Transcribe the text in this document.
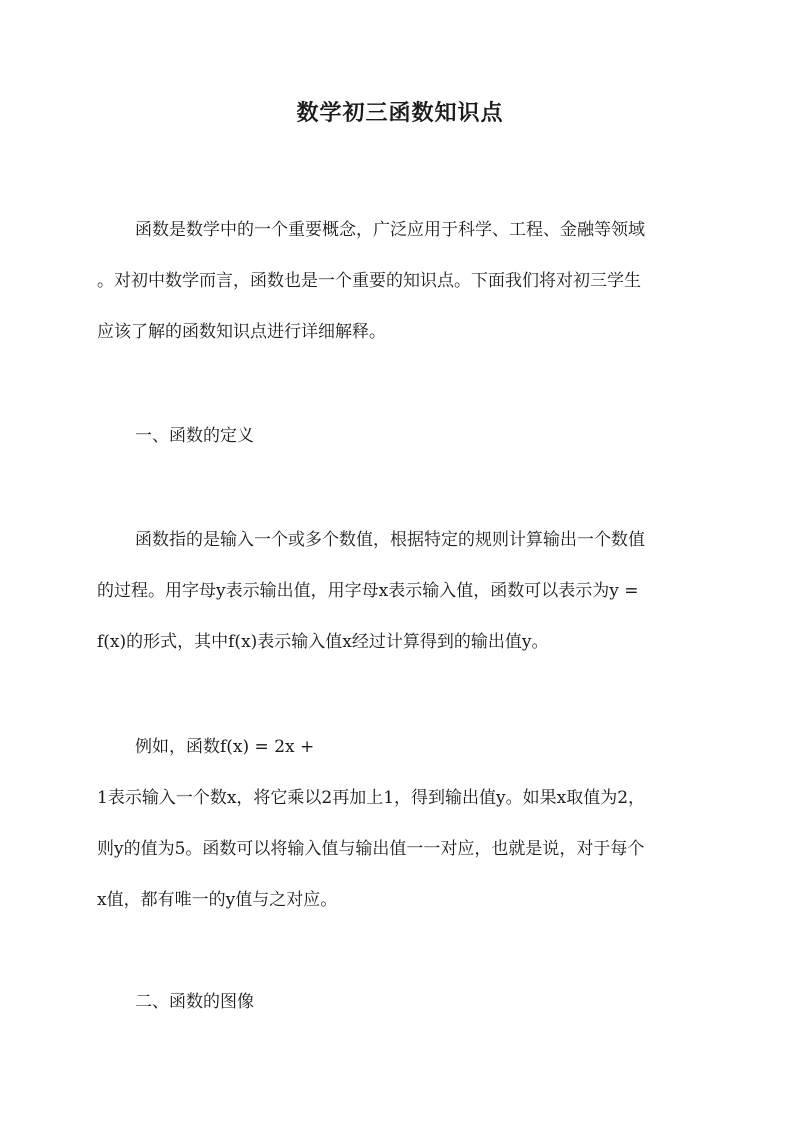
数学初三函数知识点
函数是数学中的一个重要概念，广泛应用于科学、工程、金融等领域
。对初中数学而言，函数也是一个重要的知识点。下面我们将对初三学生
应该了解的函数知识点进行详细解释。
一、函数的定义
函数指的是输入一个或多个数值，根据特定的规则计算输出一个数值
的过程。用字母y表示输出值，用字母x表示输入值，函数可以表示为y =
f(x)的形式，其中f(x)表示输入值x经过计算得到的输出值y。
例如，函数f(x) = 2x +
1表示输入一个数x，将它乘以2再加上1，得到输出值y。如果x取值为2，
则y的值为5。函数可以将输入值与输出值一一对应，也就是说，对于每个
x值，都有唯一的y值与之对应。
二、函数的图像
